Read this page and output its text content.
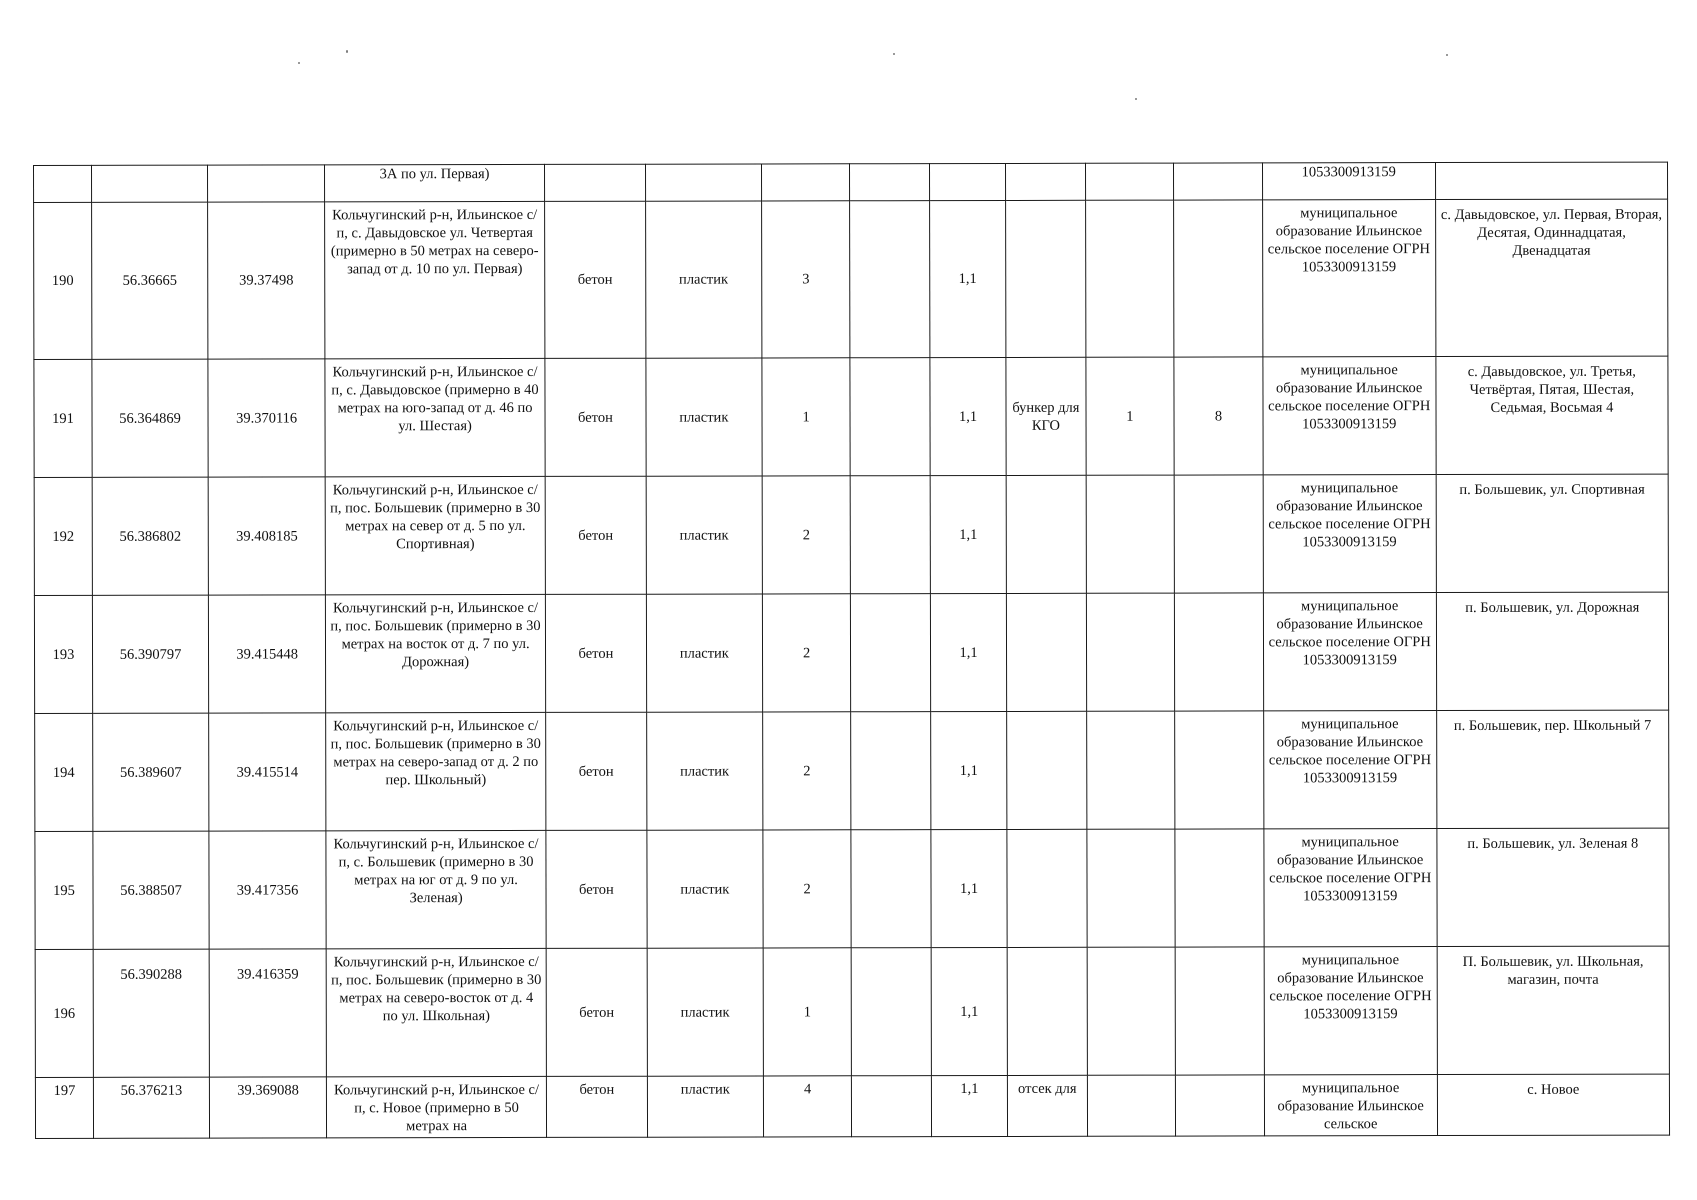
			3А по ул. Первая)									1053300913159	
190	56.36665	39.37498	Кольчугинский р-н, Ильинское с/п, с. Давыдовское ул. Четвертая (примерно в 50 метрах на северо-запад от д. 10 по ул. Первая)	бетон	пластик	3		1,1				муниципальное образование Ильинское сельское поселение ОГРН 1053300913159	с. Давыдовское, ул. Первая, Вторая, Десятая, Одиннадцатая, Двенадцатая
191	56.364869	39.370116	Кольчугинский р-н, Ильинское с/п, с. Давыдовское (примерно в 40 метрах на юго-запад от д. 46 по ул. Шестая)	бетон	пластик	1		1,1	бункер для КГО	1	8	муниципальное образование Ильинское сельское поселение ОГРН 1053300913159	с. Давыдовское, ул. Третья, Четвёртая, Пятая, Шестая, Седьмая, Восьмая 4
192	56.386802	39.408185	Кольчугинский р-н, Ильинское с/п, пос. Большевик (примерно в 30 метрах на север от д. 5 по ул. Спортивная)	бетон	пластик	2		1,1				муниципальное образование Ильинское сельское поселение ОГРН 1053300913159	п. Большевик, ул. Спортивная
193	56.390797	39.415448	Кольчугинский р-н, Ильинское с/п, пос. Большевик (примерно в 30 метрах на восток от д. 7 по ул. Дорожная)	бетон	пластик	2		1,1				муниципальное образование Ильинское сельское поселение ОГРН 1053300913159	п. Большевик, ул. Дорожная
194	56.389607	39.415514	Кольчугинский р-н, Ильинское с/п, пос. Большевик (примерно в 30 метрах на северо-запад от д. 2 по пер. Школьный)	бетон	пластик	2		1,1				муниципальное образование Ильинское сельское поселение ОГРН 1053300913159	п. Большевик, пер. Школьный 7
195	56.388507	39.417356	Кольчугинский р-н, Ильинское с/п, с. Большевик (примерно в 30 метрах на юг от д. 9 по ул. Зеленая)	бетон	пластик	2		1,1				муниципальное образование Ильинское сельское поселение ОГРН 1053300913159	п. Большевик, ул. Зеленая 8
196	56.390288	39.416359	Кольчугинский р-н, Ильинское с/п, пос. Большевик (примерно в 30 метрах на северо-восток от д. 4 по ул. Школьная)	бетон	пластик	1		1,1				муниципальное образование Ильинское сельское поселение ОГРН 1053300913159	П. Большевик, ул. Школьная, магазин, почта
197	56.376213	39.369088	Кольчугинский р-н, Ильинское с/п, с. Новое (примерно в 50 метрах на	бетон	пластик	4		1,1	отсек для			муниципальное образование Ильинское сельское	с. Новое
